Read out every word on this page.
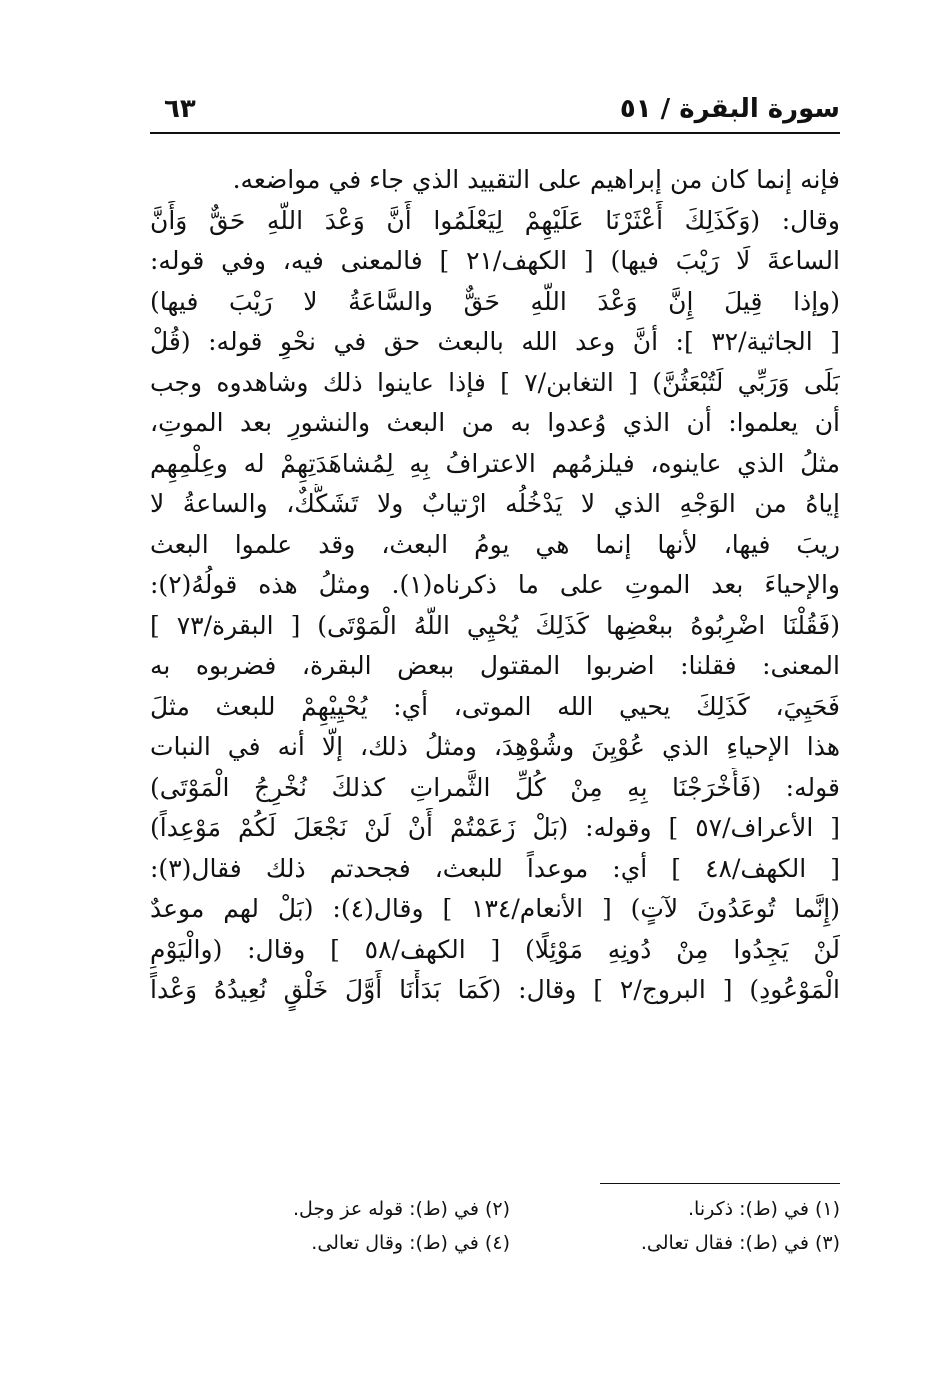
سورة البقرة / ٥١
٦٣
فإنه إنما كان من إبراهيم على التقييد الذي جاء في مواضعه.
وقال: (وَكَذَلِكَ أَعْثَرْنَا عَلَيْهِمْ لِيَعْلَمُوا أَنَّ وَعْدَ اللَّهِ حَقٌّ وَأَنَّ
الساعةَ لَا رَيْبَ فيها) [ الكهف/٢١ ] فالمعنى فيه، وفي قوله:
(وإذا قِيلَ إِنَّ وَعْدَ اللَّهِ حَقٌّ والسَّاعَةُ لا رَيْبَ فيها)
[ الجاثية/٣٢ ]: أنَّ وعد الله بالبعث حق في نحْوِ قوله: (قُلْ
بَلَى وَرَبِّي لَتُبْعَثُنَّ) [ التغابن/٧ ] فإذا عاينوا ذلك وشاهدوه وجب
أن يعلموا: أن الذي وُعدوا به من البعث والنشورِ بعد الموتِ،
مثلُ الذي عاينوه، فيلزمُهم الاعترافُ بِهِ لِمُشاهَدَتِهِمْ له وعِلْمِهِم
إياهُ من الوَجْهِ الذي لا يَدْخُلُه ارْتيابٌ ولا تَشَكُّكٌ، والساعةُ لا
ريبَ فيها، لأنها إنما هي يومُ البعث، وقد علموا البعث
والإحياءَ بعد الموتِ على ما ذكرناه(١). ومثلُ هذه قولُهُ(٢):
(فَقُلْنَا اضْرِبُوهُ ببعْضِها كَذَلِكَ يُحْيِي اللَّهُ الْمَوْتَى) [ البقرة/٧٣ ]
المعنى: فقلنا: اضربوا المقتول ببعض البقرة، فضربوه به
فَحَيِيَ، كَذَلِكَ يحيي الله الموتى، أي: يُحْيِيْهِمْ للبعث مثلَ
هذا الإحياءِ الذي عُوْيِنَ وشُوْهِدَ، ومثلُ ذلك، إلَّا أنه في النبات
قوله: (فَأَخْرَجْنَا بِهِ مِنْ كُلِّ الثَّمراتِ كذلكَ نُخْرِجُ الْمَوْتَى)
[ الأعراف/٥٧ ] وقوله: (بَلْ زَعَمْتُمْ أَنْ لَنْ نَجْعَلَ لَكُمْ مَوْعِداً)
[ الكهف/٤٨ ] أي: موعداً للبعث، فجحدتم ذلك فقال(٣):
(إِنَّما تُوعَدُونَ لآتٍ) [ الأنعام/١٣٤ ] وقال(٤): (بَلْ لهم موعدٌ
لَنْ يَجِدُوا مِنْ دُونِهِ مَوْئِلًا) [ الكهف/٥٨ ] وقال: (والْيَوْمِ
الْمَوْعُودِ) [ البروج/٢ ] وقال: (كَمَا بَدَأْنَا أَوَّلَ خَلْقٍ نُعِيدُهُ وَعْداً
(١) في (ط): ذكرنا.
(٢) في (ط): قوله عز وجل.
(٣) في (ط): فقال تعالى.
(٤) في (ط): وقال تعالى.
